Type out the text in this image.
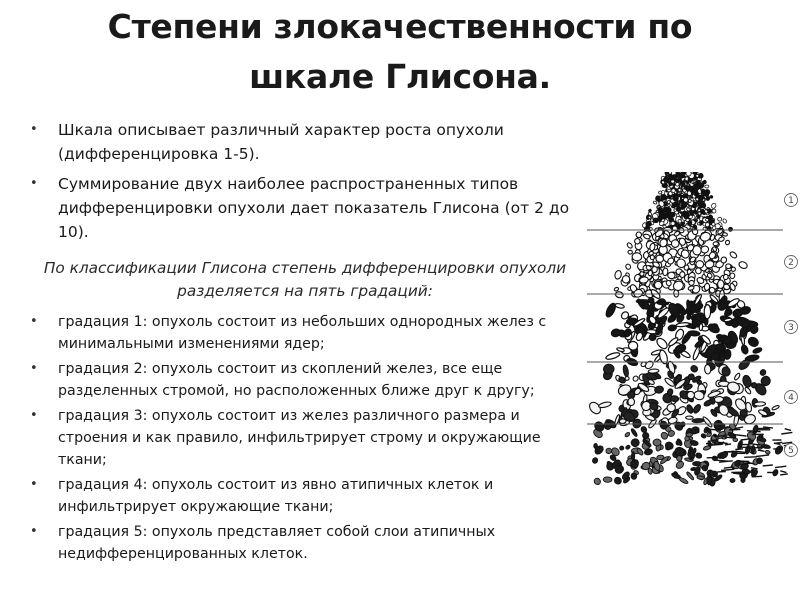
Степени злокачественности по
шкале Глисона.
• Шкала описывает различный характер роста опухоли (дифференцировка 1-5).
• Суммирование двух наиболее распространенных типов дифференцировки опухоли дает показатель Глисона (от 2 до 10).
По классификации Глисона степень дифференцировки опухоли разделяется на пять градаций:
• градация 1: опухоль состоит из небольших однородных желез с минимальными изменениями ядер;
• градация 2: опухоль состоит из скоплений желез, все еще разделенных стромой, но расположенных ближе друг к другу;
• градация 3: опухоль состоит из желез различного размера и строения и как правило, инфильтрирует строму и окружающие ткани;
• градация 4: опухоль состоит из явно атипичных клеток и инфильтрирует окружающие ткани;
• градация 5: опухоль представляет собой слои атипичных недифференцированных клеток.
1
2
3
4
5
